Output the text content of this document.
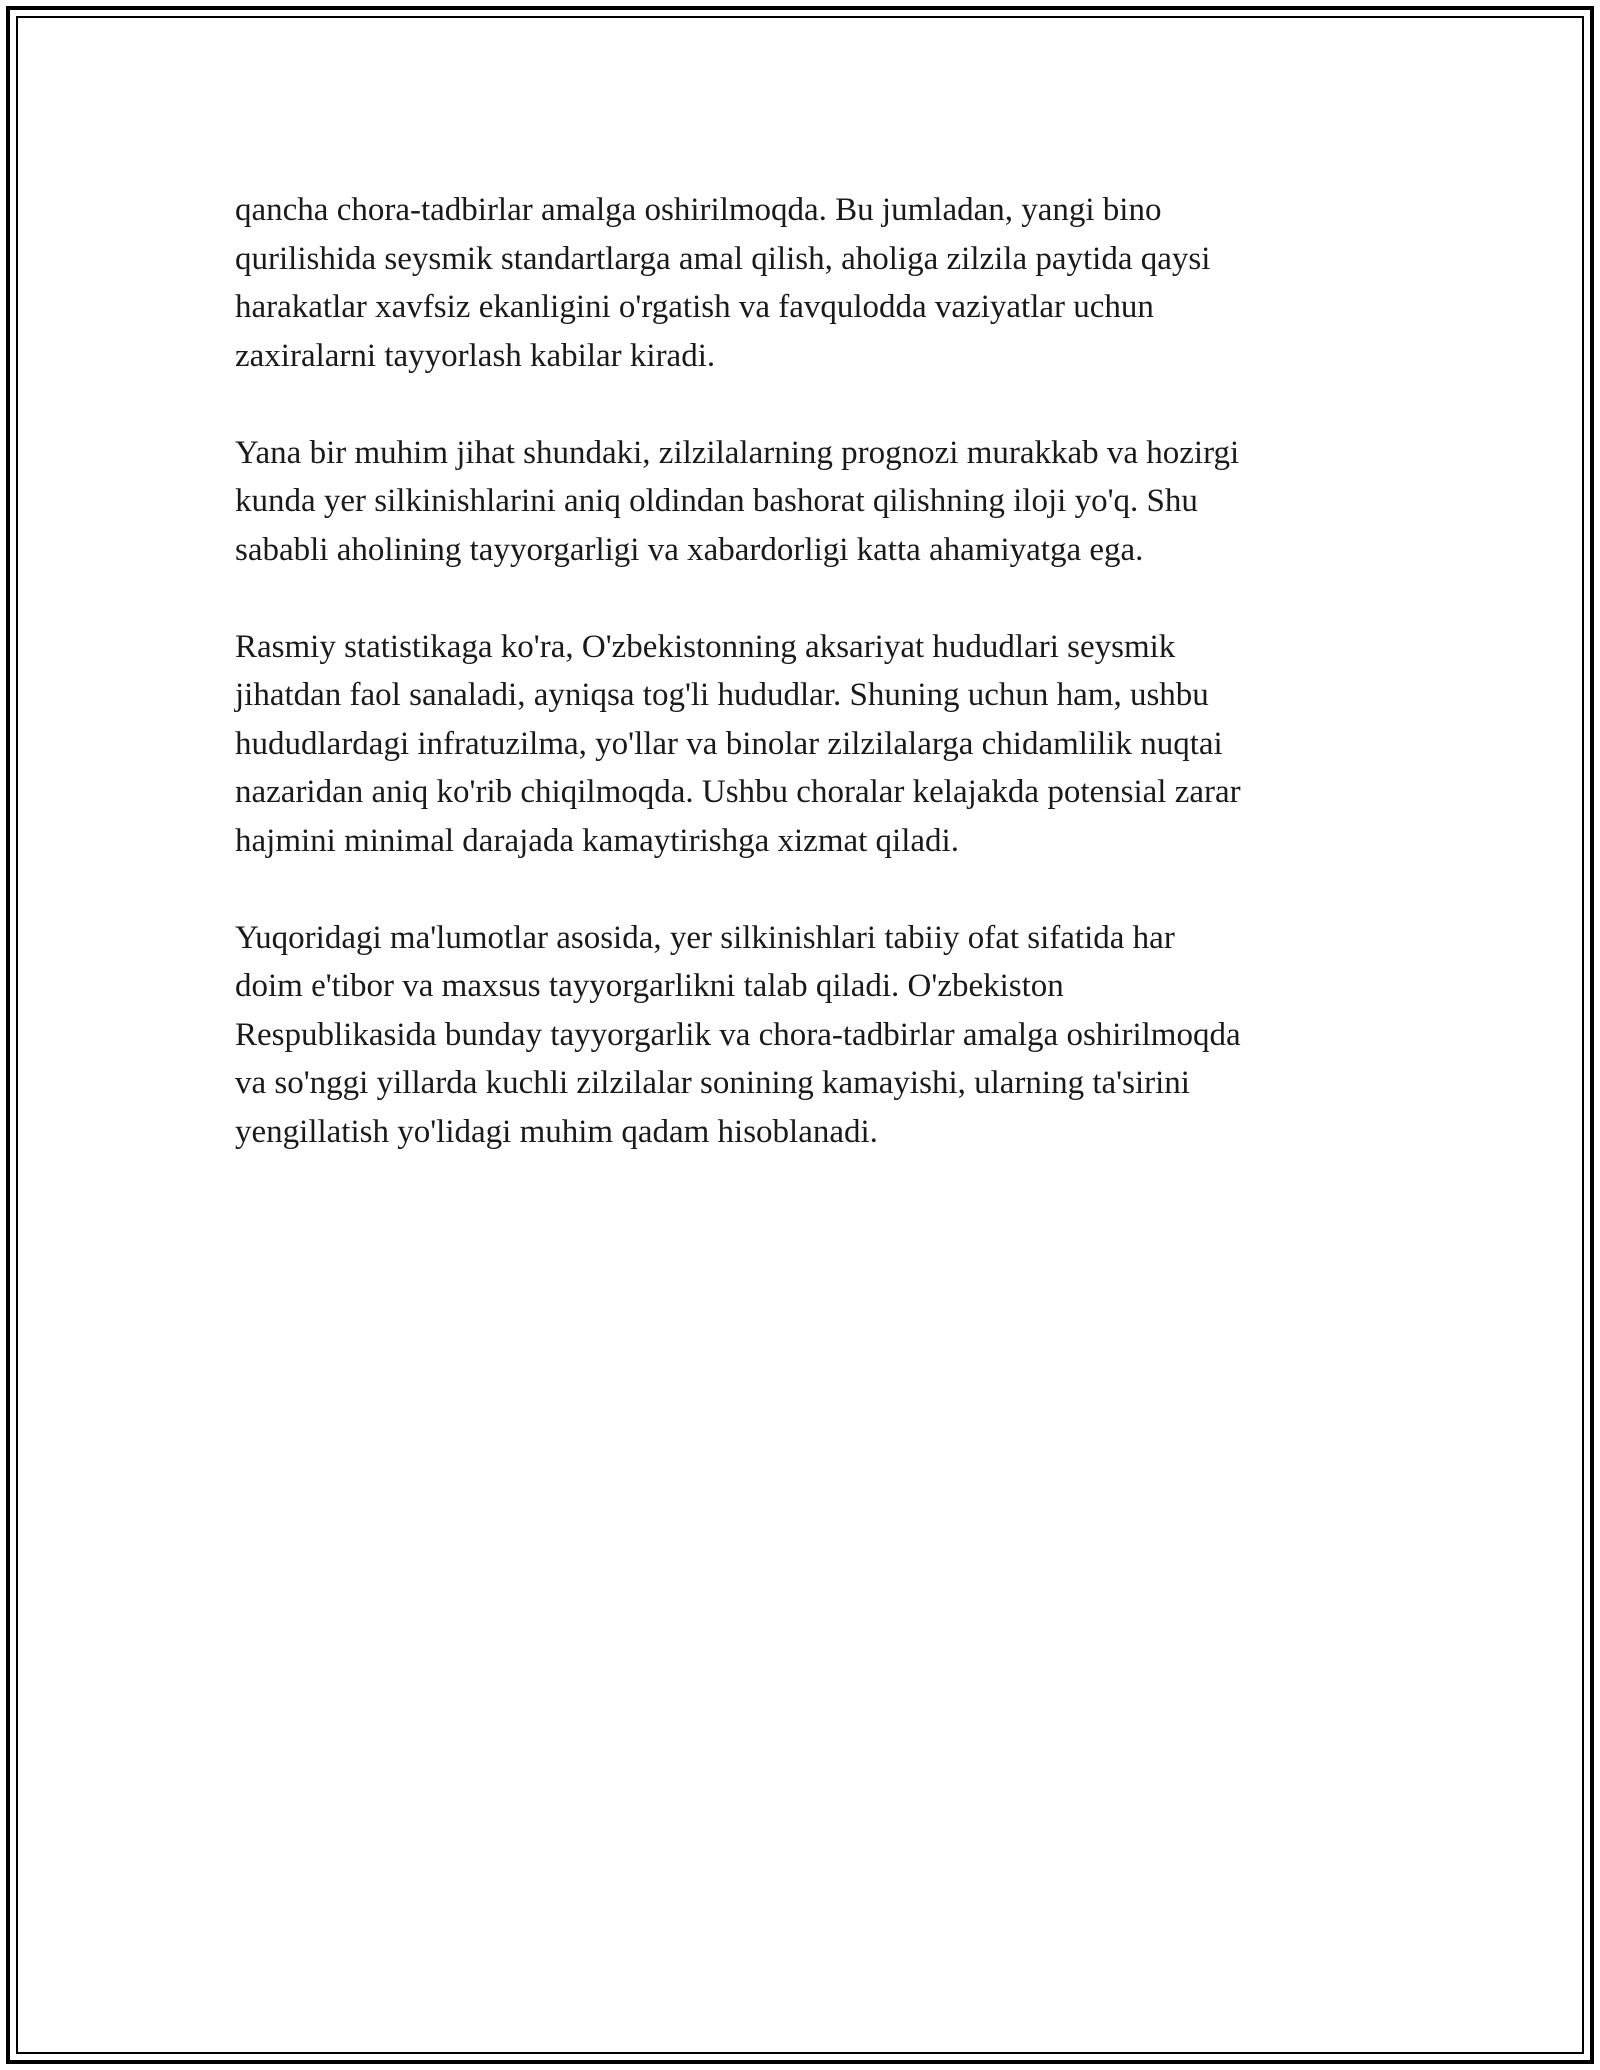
qancha chora-tadbirlar amalga oshirilmoqda. Bu jumladan, yangi bino
qurilishida seysmik standartlarga amal qilish, aholiga zilzila paytida qaysi
harakatlar xavfsiz ekanligini o'rgatish va favqulodda vaziyatlar uchun
zaxiralarni tayyorlash kabilar kiradi.

Yana bir muhim jihat shundaki, zilzilalarning prognozi murakkab va hozirgi
kunda yer silkinishlarini aniq oldindan bashorat qilishning iloji yo'q. Shu
sababli aholining tayyorgarligi va xabardorligi katta ahamiyatga ega.

Rasmiy statistikaga ko'ra, O'zbekistonning aksariyat hududlari seysmik
jihatdan faol sanaladi, ayniqsa tog'li hududlar. Shuning uchun ham, ushbu
hududlardagi infratuzilma, yo'llar va binolar zilzilalarga chidamlilik nuqtai
nazaridan aniq ko'rib chiqilmoqda. Ushbu choralar kelajakda potensial zarar
hajmini minimal darajada kamaytirishga xizmat qiladi.

Yuqoridagi ma'lumotlar asosida, yer silkinishlari tabiiy ofat sifatida har
doim e'tibor va maxsus tayyorgarlikni talab qiladi. O'zbekiston
Respublikasida bunday tayyorgarlik va chora-tadbirlar amalga oshirilmoqda
va so'nggi yillarda kuchli zilzilalar sonining kamayishi, ularning ta'sirini
yengillatish yo'lidagi muhim qadam hisoblanadi.
